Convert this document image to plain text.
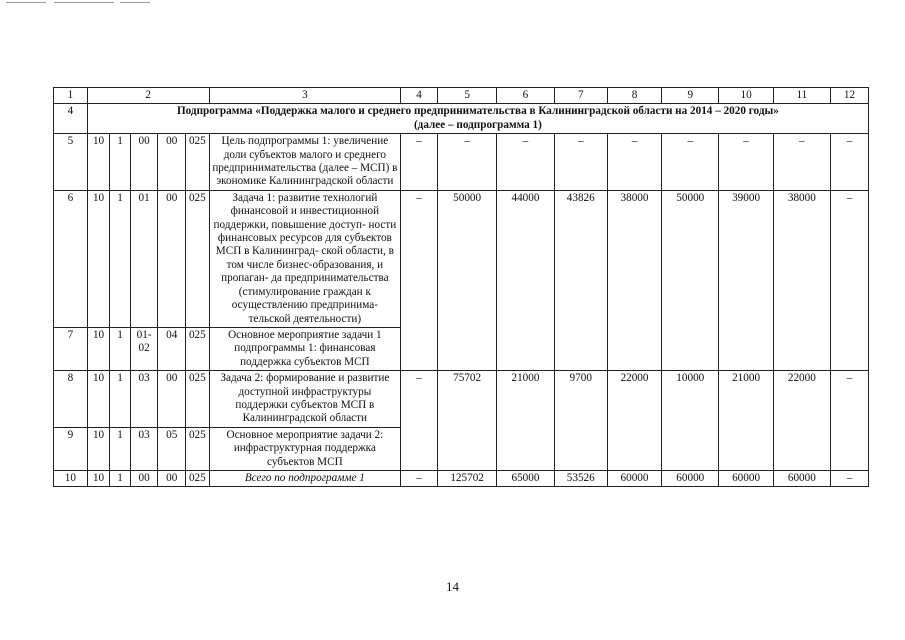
1	2					3	4	5	6	7	8	9	10	11	12
4	Подпрограмма «Поддержка малого и среднего предпринимательства в Калининградской области на 2014 – 2020 годы»
(далее – подпрограмма 1)														

5	10	1	00	00	025	Цель подпрограммы 1: увеличение доли субъектов малого и среднего предпринимательства (далее – МСП) в экономике Калининградской области	–	–	–	–	–	–	–	–	–
6	10	1	01	00	025	Задача 1: развитие технологий финансовой и инвестиционной поддержки, повышение доступ- ности финансовых ресурсов для субъектов МСП в Калининград- ской области, в том числе бизнес-образования, и пропаган- да предпринимательства (стимулирование граждан к осуществлению предпринима- тельской деятельности)	–	50000	44000	43826	38000	50000	39000	38000	–
7	10	1	01-02	04	025	Основное мероприятие задачи 1 подпрограммы 1: финансовая поддержка субъектов МСП									
8	10	1	03	00	025	Задача 2: формирование и развитие доступной инфраструктуры поддержки субъектов МСП в Калининградской области	–	75702	21000	9700	22000	10000	21000	22000	–
9	10	1	03	05	025	Основное мероприятие задачи 2: инфраструктурная поддержка субъектов МСП									
10	10	1	00	00	025	Всего по подпрограмме 1	–	125702	65000	53526	60000	60000	60000	60000	–
14
